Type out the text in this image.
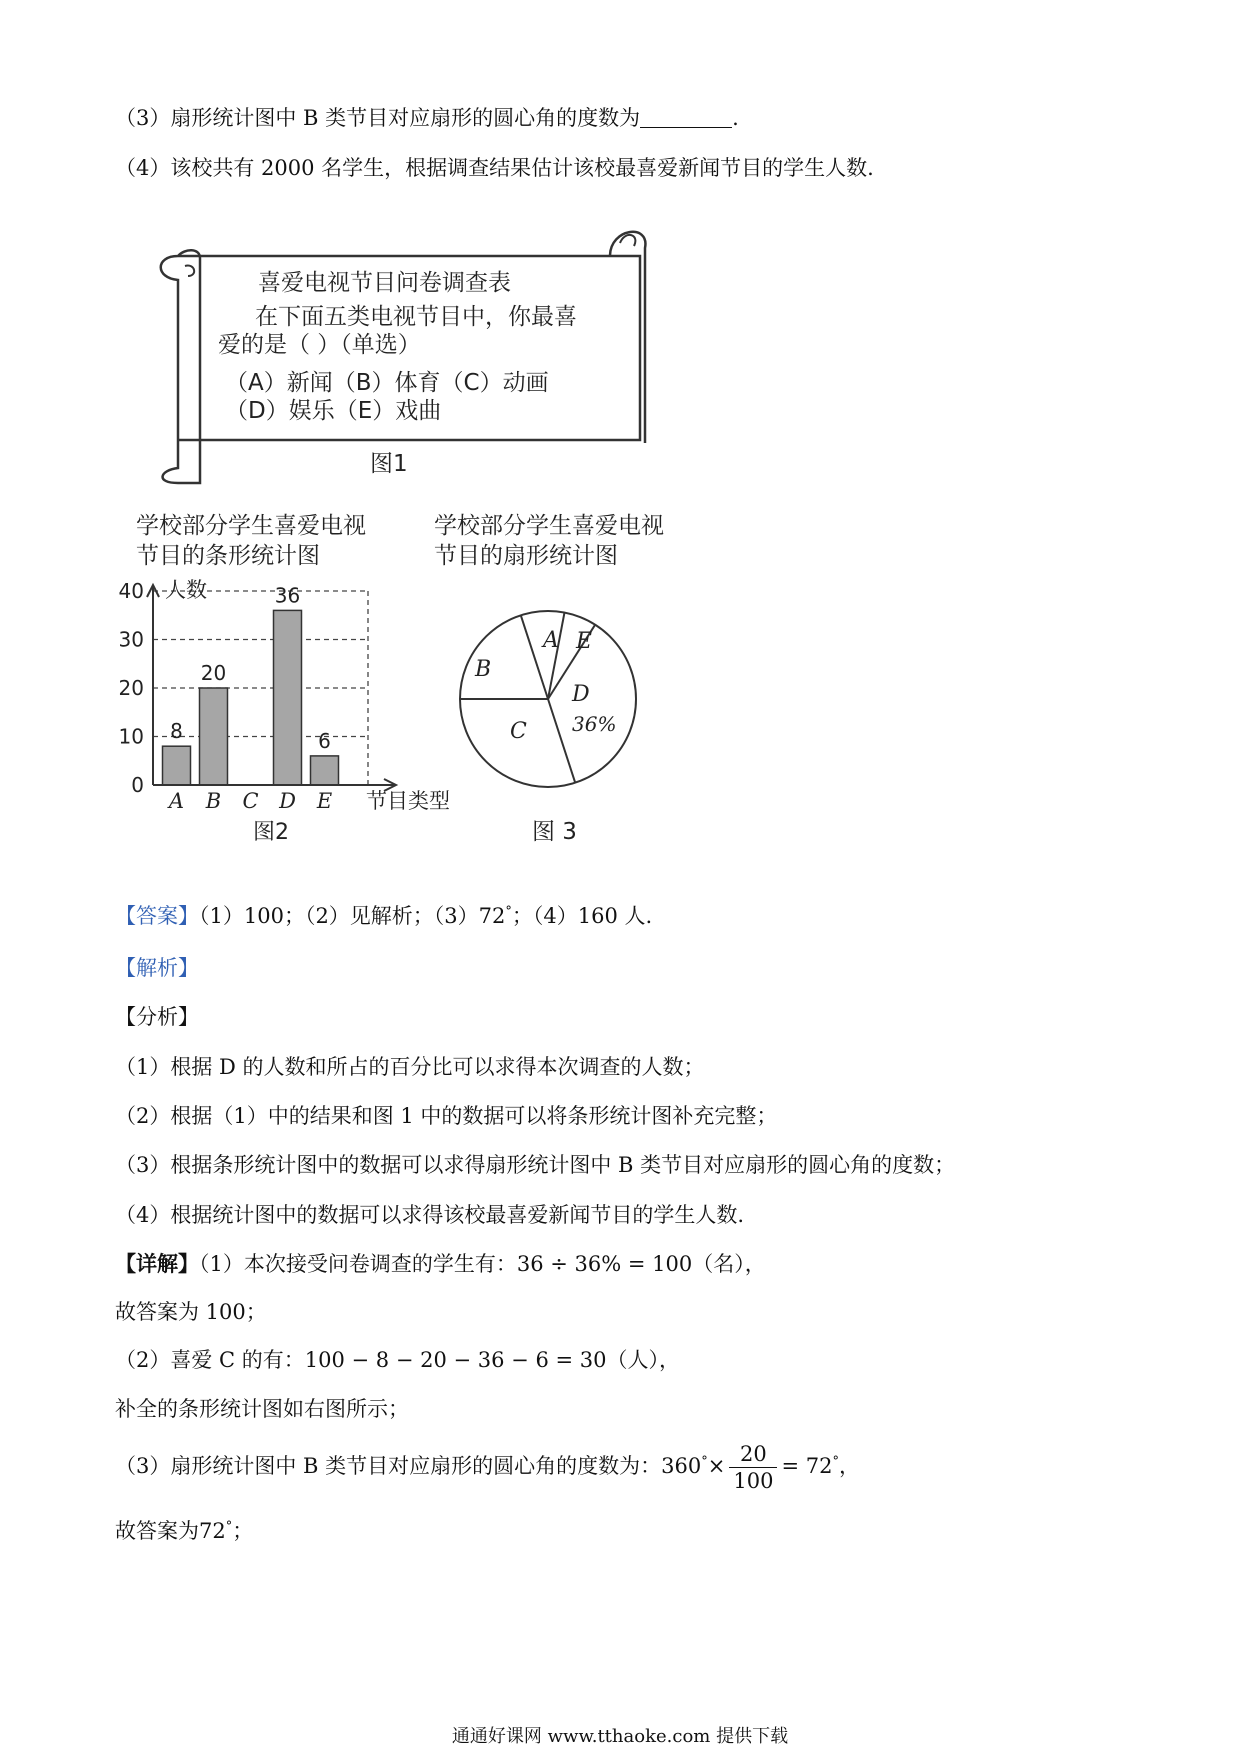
（3）扇形统计图中 B 类节目对应扇形的圆心角的度数为	.
（4）该校共有 2000 名学生，根据调查结果估计该校最喜爱新闻节目的学生人数.
喜爱电视节目问卷调查表
在下面五类电视节目中，你最喜
爱的是（ ）（单选）
（A）新闻（B）体育（C）动画
（D）娱乐（E）戏曲
图1
学校部分学生喜爱电视
节目的条形统计图
0
10
20
30
40
A B C D E
8
20
36
6
人数
节目类型
图2
学校部分学生喜爱电视
节目的扇形统计图
B
A E
D
36%
C
图 3
【答案】（1）100；（2）见解析；（3）72°；（4）160 人.
【解析】
【分析】
（1）根据 D 的人数和所占的百分比可以求得本次调查的人数；
（2）根据（1）中的结果和图 1 中的数据可以将条形统计图补充完整；
（3）根据条形统计图中的数据可以求得扇形统计图中 B 类节目对应扇形的圆心角的度数；
（4）根据统计图中的数据可以求得该校最喜爱新闻节目的学生人数.
【详解】（1）本次接受问卷调查的学生有：36 ÷ 36% = 100（名），
故答案为 100；
（2）喜爱 C 的有：100 − 8 − 20 − 36 − 6 = 30（人），
补全的条形统计图如右图所示；
（3）扇形统计图中 B 类节目对应扇形的圆心角的度数为：$360^\circ\times \frac{20}{100} = 72^\circ$，
故答案为72°；
通通好课网 www.tthaoke.com 提供下载
